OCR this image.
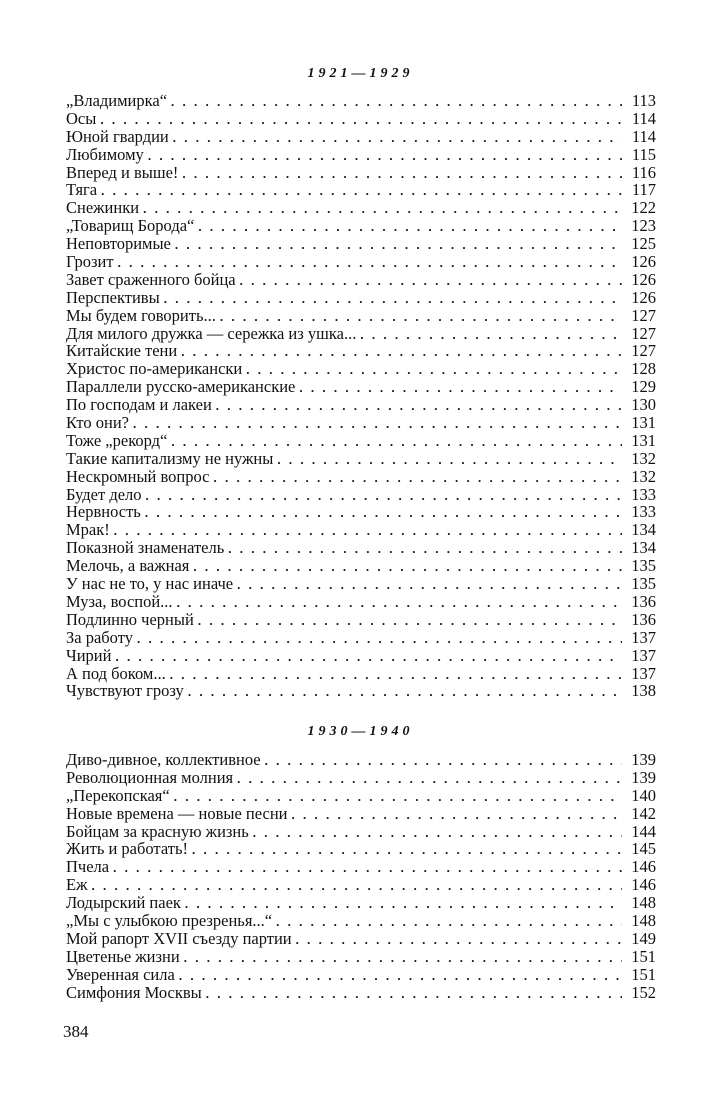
1921—1929
„Владимирка“ . . .	113
Осы . . .	114
Юной гвардии . . .	114
Любимому . . .	115
Вперед и выше! . . .	116
Тяга . . .	117
Снежинки . . .	122
„Товарищ Борода“ . . .	123
Неповторимые . . .	125
Грозит . . .	126
Завет сраженного бойца . . .	126
Перспективы . . .	126
Мы будем говорить... . . .	127
Для милого дружка — сережка из ушка... . . .	127
Китайские тени . . .	127
Христос по-американски . . .	128
Параллели русско-американские . . .	129
По господам и лакеи . . .	130
Кто они? . . .	131
Тоже „рекорд“ . . .	131
Такие капитализму не нужны . . .	132
Нескромный вопрос . . .	132
Будет дело . . .	133
Нервность . . .	133
Мрак! . . .	134
Показной знаменатель . . .	134
Мелочь, а важная . . .	135
У нас не то, у нас иначе . . .	135
Муза, воспой... . . .	136
Подлинно черный . . .	136
За работу . . .	137
Чирий . . .	137
А под боком... . . .	137
Чувствуют грозу . . .	138
1930—1940
Диво-дивное, коллективное . . .	139
Революционная молния . . .	139
„Перекопская“ . . .	140
Новые времена — новые песни . . .	142
Бойцам за красную жизнь . . .	144
Жить и работать! . . .	145
Пчела . . .	146
Еж . . .	146
Лодырский паек . . .	148
„Мы с улыбкою презренья...“ . . .	148
Мой рапорт XVII съезду партии . . .	149
Цветенье жизни . . .	151
Уверенная сила . . .	151
Симфония Москвы . . .	152
384
